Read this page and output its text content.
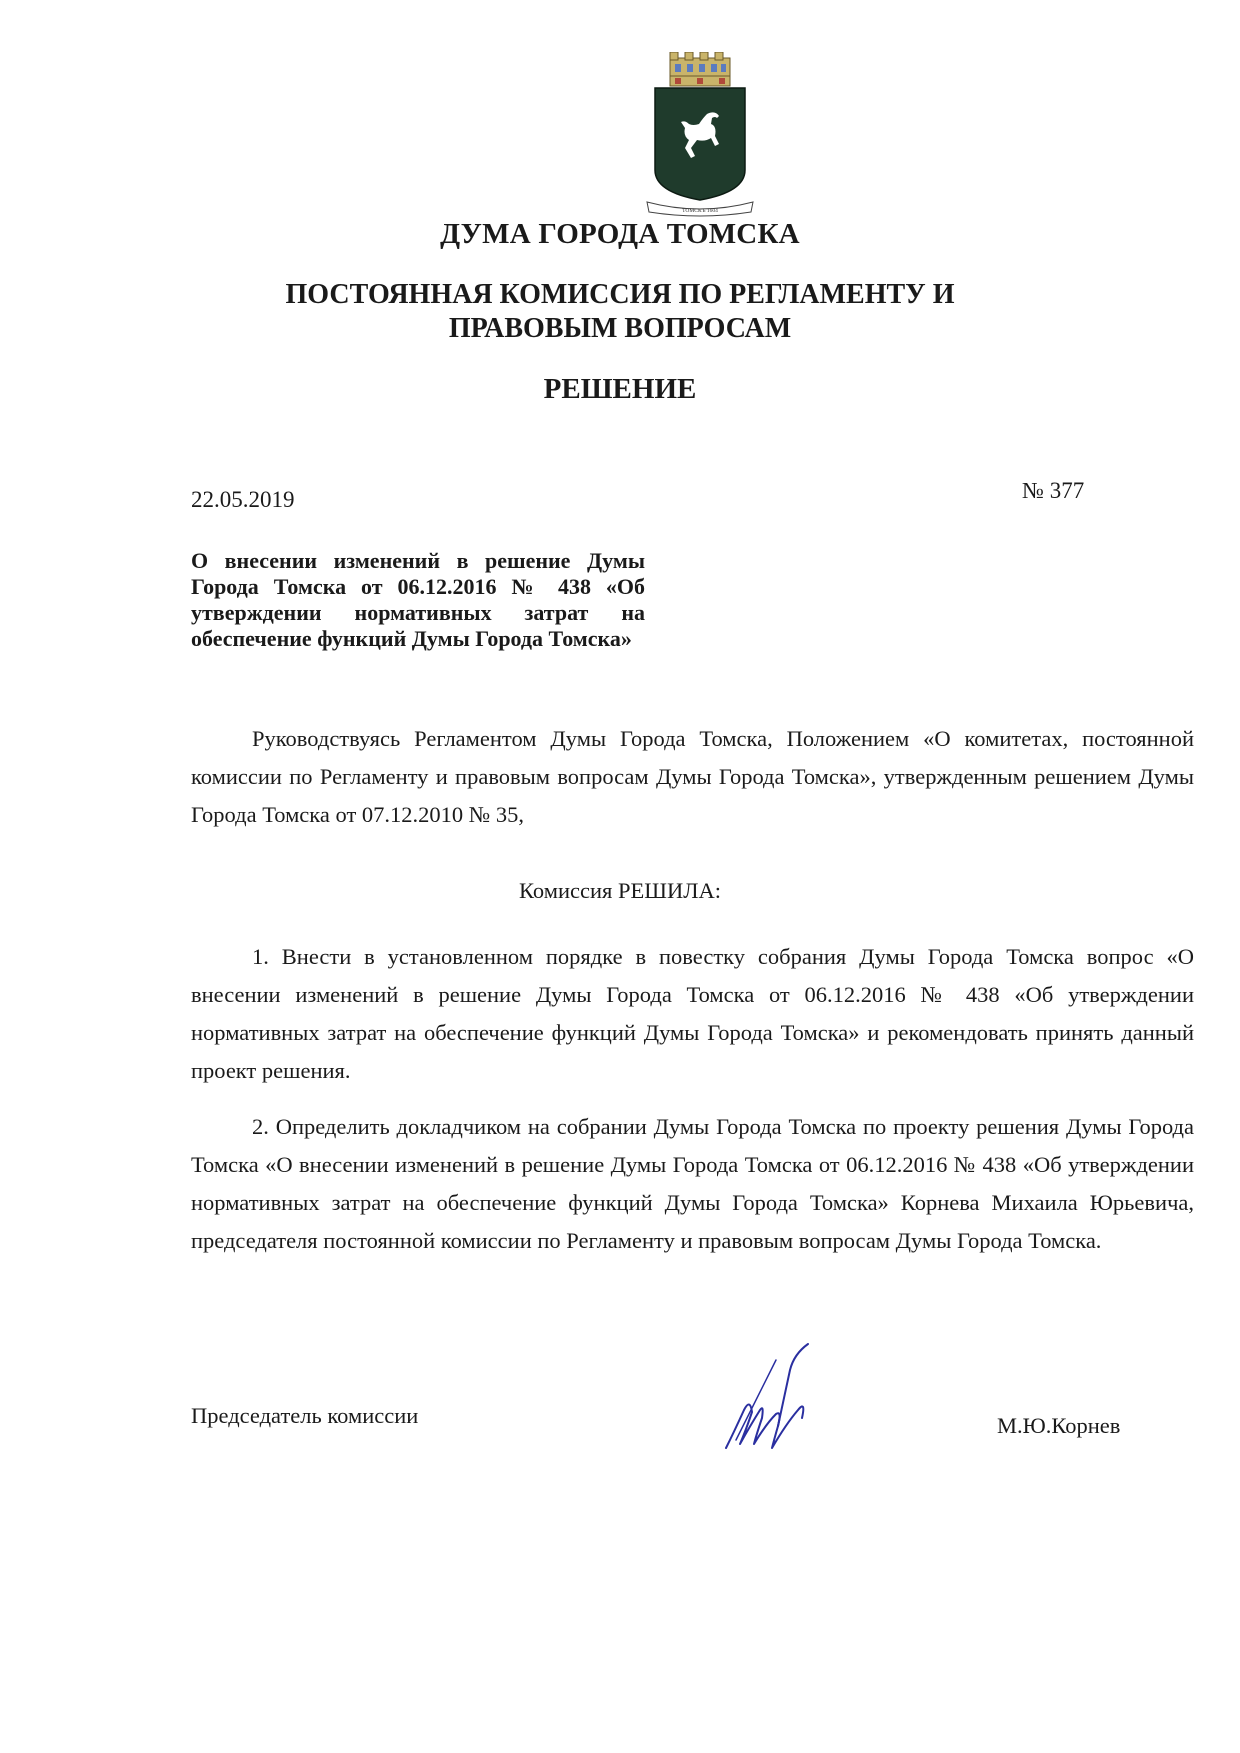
ТОМСКЪ 1604
ДУМА ГОРОДА ТОМСКА
ПОСТОЯННАЯ КОМИССИЯ ПО РЕГЛАМЕНТУ И ПРАВОВЫМ ВОПРОСАМ
РЕШЕНИЕ
22.05.2019	№ 377

О внесении изменений в решение Думы Города Томска от 06.12.2016 № 438 «Об утверждении нормативных затрат на обеспечение функций Думы Города Томска»

Руководствуясь Регламентом Думы Города Томска, Положением «О комитетах, постоянной комиссии по Регламенту и правовым вопросам Думы Города Томска», утвержденным решением Думы Города Томска от 07.12.2010 № 35,

Комиссия РЕШИЛА:

1. Внести в установленном порядке в повестку собрания Думы Города Томска вопрос «О внесении изменений в решение Думы Города Томска от 06.12.2016 № 438 «Об утверждении нормативных затрат на обеспечение функций Думы Города Томска» и рекомендовать принять данный проект решения.

2. Определить докладчиком на собрании Думы Города Томска по проекту решения Думы Города Томска «О внесении изменений в решение Думы Города Томска от 06.12.2016 № 438 «Об утверждении нормативных затрат на обеспечение функций Думы Города Томска» Корнева Михаила Юрьевича, председателя постоянной комиссии по Регламенту и правовым вопросам Думы Города Томска.

Председатель комиссии	М.Ю.Корнев
